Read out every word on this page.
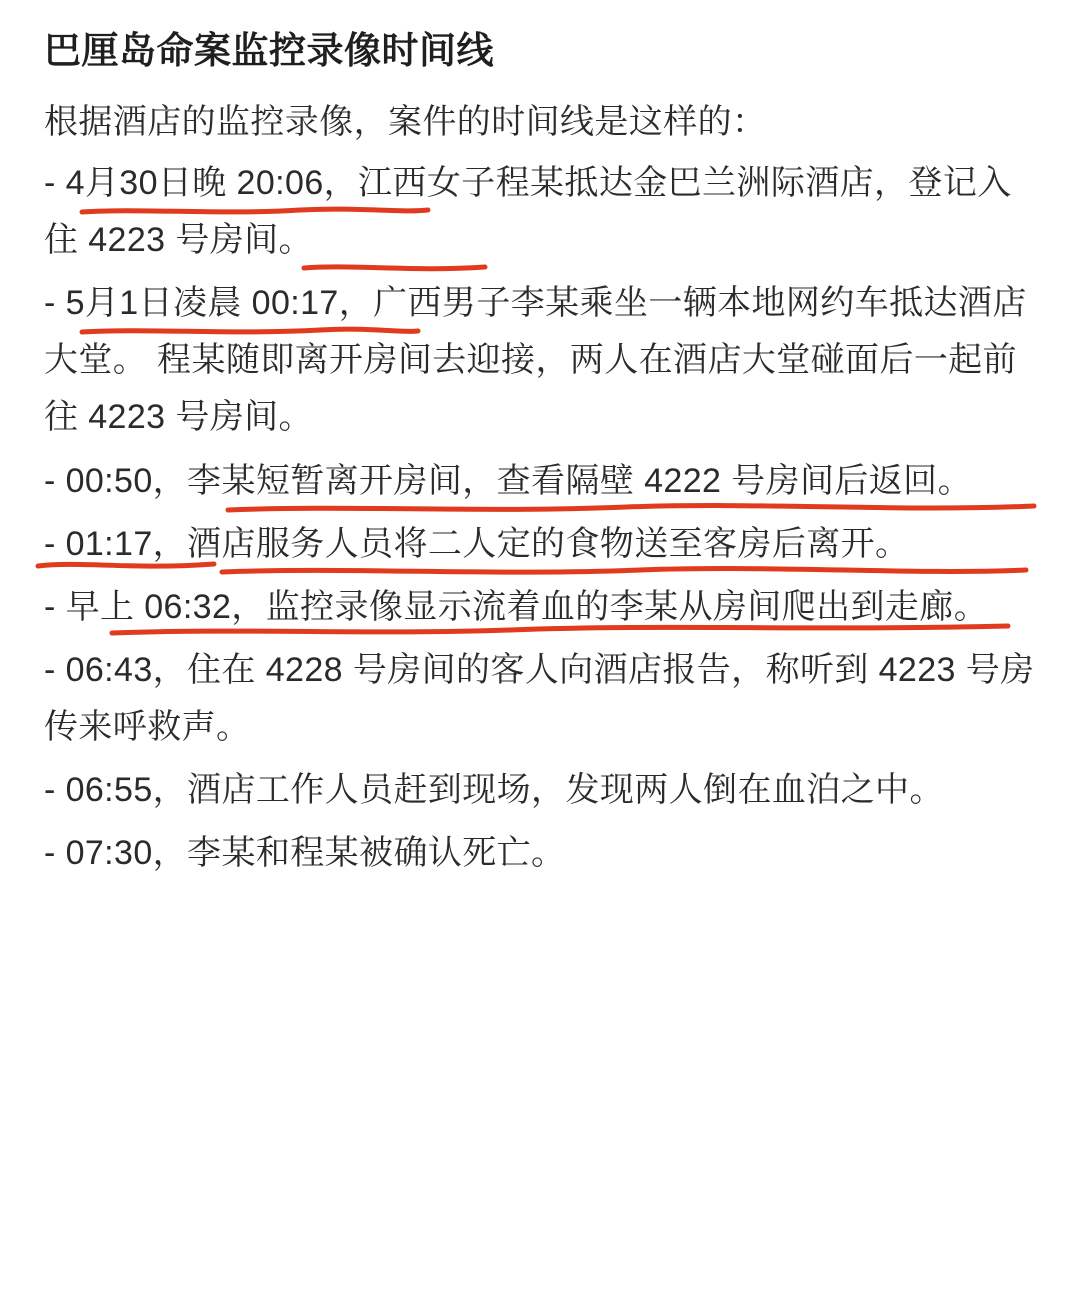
巴厘岛命案监控录像时间线

根据酒店的监控录像，案件的时间线是这样的：

- 4月30日晚 20:06，江西女子程某抵达金巴兰洲际酒店，登记入住 4223 号房间。

- 5月1日凌晨 00:17，广西男子李某乘坐一辆本地网约车抵达酒店大堂。 程某随即离开房间去迎接，两人在酒店大堂碰面后一起前往 4223 号房间。

- 00:50，李某短暂离开房间，查看隔壁 4222 号房间后返回。

- 01:17，酒店服务人员将二人定的食物送至客房后离开。

- 早上 06:32，监控录像显示流着血的李某从房间爬出到走廊。

- 06:43，住在 4228 号房间的客人向酒店报告，称听到 4223 号房传来呼救声。

- 06:55，酒店工作人员赶到现场，发现两人倒在血泊之中。

- 07:30，李某和程某被确认死亡。
